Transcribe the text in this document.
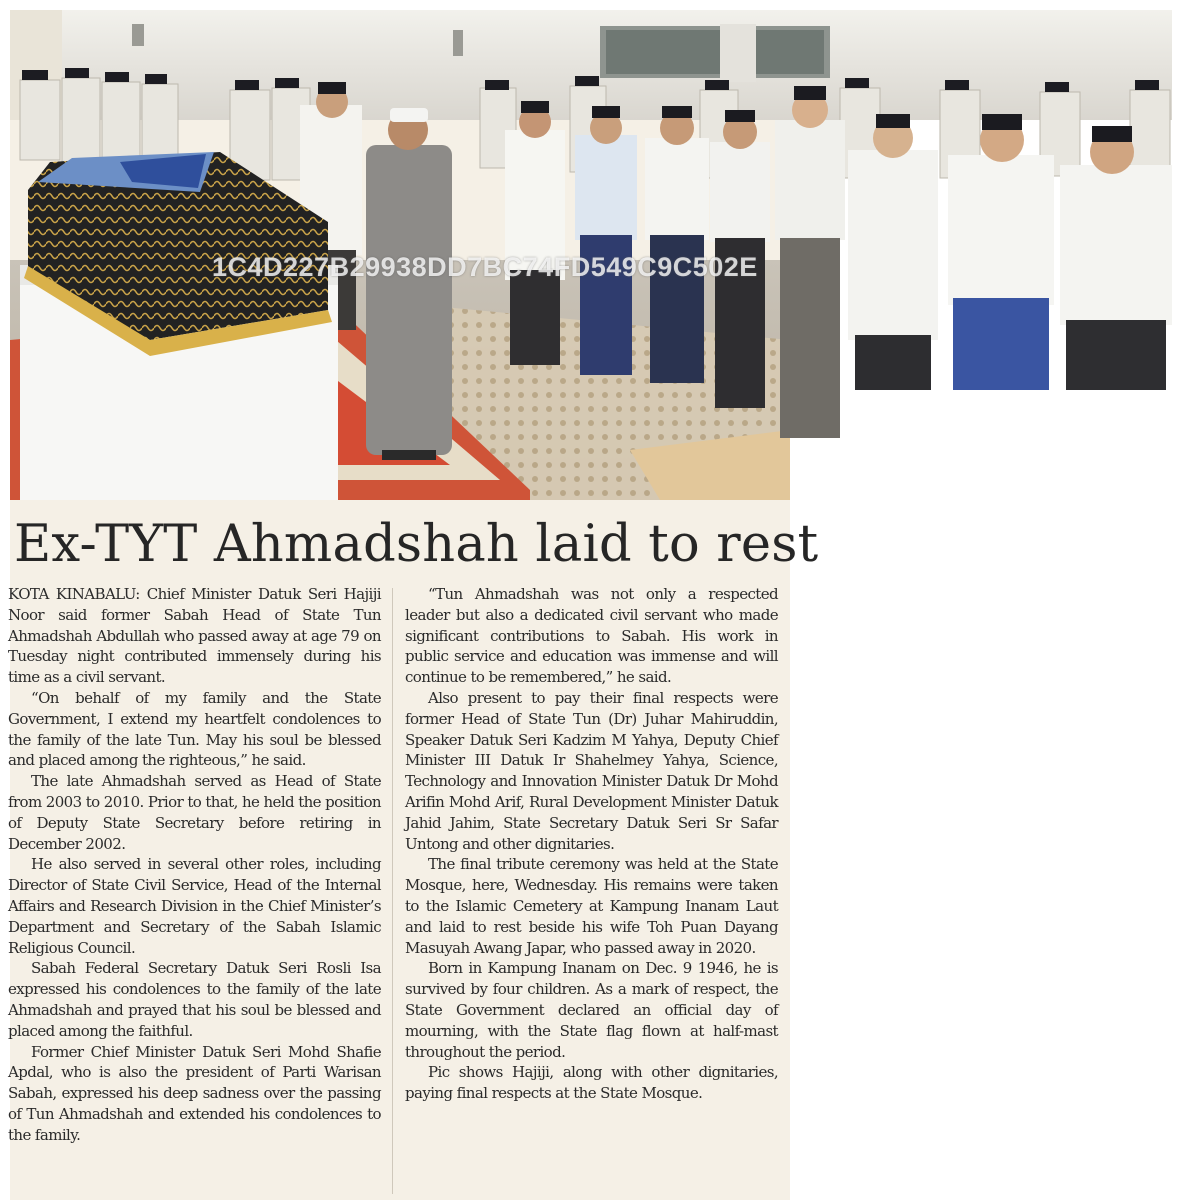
1C4D227B29938DD7BC74FD549C9C502E
Ex-TYT Ahmadshah laid to rest

KOTA KINABALU: Chief Minister Datuk Seri Hajiji Noor said former Sabah Head of State Tun Ahmadshah Abdullah who passed away at age 79 on Tuesday night contributed immensely during his time as a civil servant.

“On behalf of my family and the State Government, I extend my heartfelt condolences to the family of the late Tun. May his soul be blessed and placed among the righteous,” he said.

The late Ahmadshah served as Head of State from 2003 to 2010. Prior to that, he held the position of Deputy State Secretary before retiring in December 2002.

He also served in several other roles, including Director of State Civil Service, Head of the Internal Affairs and Research Division in the Chief Minister’s Department and Secretary of the Sabah Islamic Religious Council.

Sabah Federal Secretary Datuk Seri Rosli Isa expressed his condolences to the family of the late Ahmadshah and prayed that his soul be blessed and placed among the faithful.

Former Chief Minister Datuk Seri Mohd Shafie Apdal, who is also the president of Parti Warisan Sabah, expressed his deep sadness over the passing of Tun Ahmadshah and extended his condolences to the family.

“Tun Ahmadshah was not only a respected leader but also a dedicated civil servant who made significant contributions to Sabah. His work in public service and education was immense and will continue to be remembered,” he said.

Also present to pay their final respects were former Head of State Tun (Dr) Juhar Mahiruddin, Speaker Datuk Seri Kadzim M Yahya, Deputy Chief Minister III Datuk Ir Shahelmey Yahya, Science, Technology and Innovation Minister Datuk Dr Mohd Arifin Mohd Arif, Rural Development Minister Datuk Jahid Jahim, State Secretary Datuk Seri Sr Safar Untong and other dignitaries.

The final tribute ceremony was held at the State Mosque, here, Wednesday. His remains were taken to the Islamic Cemetery at Kampung Inanam Laut and laid to rest beside his wife Toh Puan Dayang Masuyah Awang Japar, who passed away in 2020.

Born in Kampung Inanam on Dec. 9 1946, he is survived by four children. As a mark of respect, the State Government declared an official day of mourning, with the State flag flown at half-mast throughout the period.

Pic shows Hajiji, along with other dignitaries, paying final respects at the State Mosque.
